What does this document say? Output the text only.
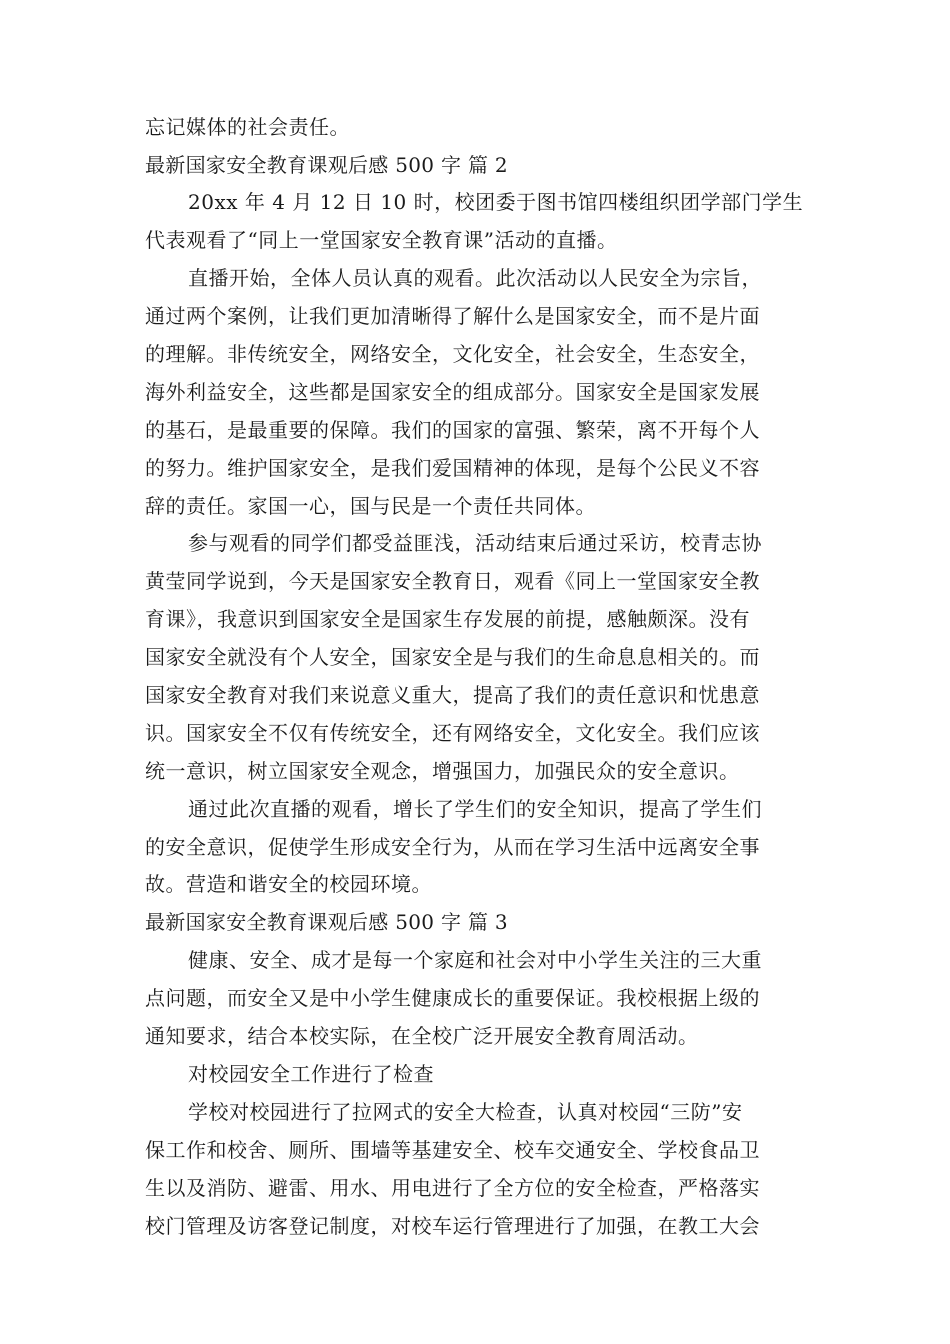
忘记媒体的社会责任。
最新国家安全教育课观后感 500 字 篇 2
20xx 年 4 月 12 日 10 时，校团委于图书馆四楼组织团学部门学生
代表观看了“同上一堂国家安全教育课”活动的直播。
直播开始，全体人员认真的观看。此次活动以人民安全为宗旨，
通过两个案例，让我们更加清晰得了解什么是国家安全，而不是片面
的理解。非传统安全，网络安全，文化安全，社会安全，生态安全，
海外利益安全，这些都是国家安全的组成部分。国家安全是国家发展
的基石，是最重要的保障。我们的国家的富强、繁荣，离不开每个人
的努力。维护国家安全，是我们爱国精神的体现，是每个公民义不容
辞的责任。家国一心，国与民是一个责任共同体。
参与观看的同学们都受益匪浅，活动结束后通过采访，校青志协
黄莹同学说到，今天是国家安全教育日，观看《同上一堂国家安全教
育课》，我意识到国家安全是国家生存发展的前提，感触颇深。没有
国家安全就没有个人安全，国家安全是与我们的生命息息相关的。而
国家安全教育对我们来说意义重大，提高了我们的责任意识和忧患意
识。国家安全不仅有传统安全，还有网络安全，文化安全。我们应该
统一意识，树立国家安全观念，增强国力，加强民众的安全意识。
通过此次直播的观看，增长了学生们的安全知识，提高了学生们
的安全意识，促使学生形成安全行为，从而在学习生活中远离安全事
故。营造和谐安全的校园环境。
最新国家安全教育课观后感 500 字 篇 3
健康、安全、成才是每一个家庭和社会对中小学生关注的三大重
点问题，而安全又是中小学生健康成长的重要保证。我校根据上级的
通知要求，结合本校实际，在全校广泛开展安全教育周活动。
对校园安全工作进行了检查
学校对校园进行了拉网式的安全大检查，认真对校园“三防”安
保工作和校舍、厕所、围墙等基建安全、校车交通安全、学校食品卫
生以及消防、避雷、用水、用电进行了全方位的安全检查，严格落实
校门管理及访客登记制度，对校车运行管理进行了加强，在教工大会
